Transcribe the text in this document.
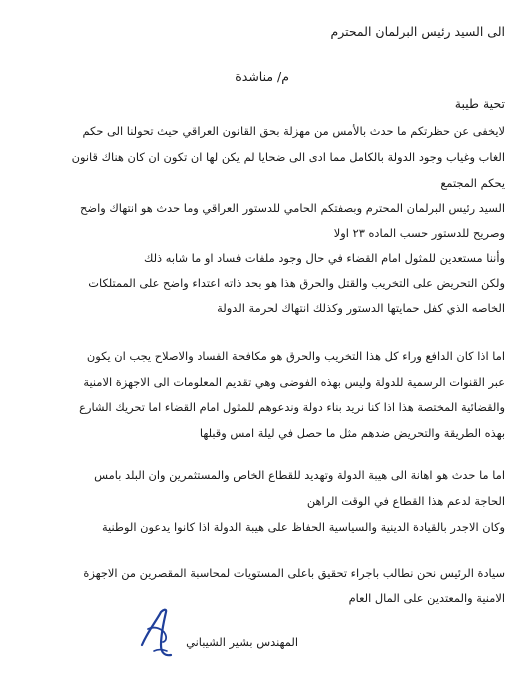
الى السيد رئيس البرلمان المحترم
م/ مناشدة
تحية طيبة
لايخفى عن حظرتكم ما حدث بالأمس من مهزلة بحق القانون العراقي حيث تحولنا الى حكم
الغاب وغياب وجود الدولة بالكامل مما ادى الى ضحايا لم يكن لها ان تكون ان كان هناك قانون
يحكم المجتمع
السيد رئيس البرلمان المحترم وبصفتكم الحامي للدستور العراقي وما حدث هو انتهاك واضح
وصريح للدستور حسب الماده ٢٣ اولا
وأننا مستعدين للمثول امام القضاء في حال وجود ملفات فساد او ما شابه ذلك
ولكن التحريض على التخريب والقتل والحرق هذا هو بحد ذاته اعتداء واضح على الممتلكات
الخاصه الذي كفل حمايتها الدستور وكذلك انتهاك لحرمة الدولة
اما اذا كان الدافع وراء كل هذا التخريب والحرق هو مكافحة الفساد والاصلاح يجب ان يكون
عبر القنوات الرسمية للدولة وليس بهذه الفوضى وهي تقديم المعلومات الى الاجهزة الامنية
والقضائية المختصة هذا اذا كنا نريد بناء دولة وندعوهم للمثول امام القضاء اما تحريك الشارع
بهذه الطريقة والتحريض ضدهم مثل ما حصل في ليلة امس وقبلها
اما ما حدث هو اهانة الى هيبة الدولة وتهديد للقطاع الخاص والمستثمرين وان البلد بامس
الحاجة لدعم هذا القطاع في الوقت الراهن
وكان الاجدر بالقيادة الدينية والسياسية الحفاظ على هيبة الدولة اذا كانوا يدعون الوطنية
سيادة الرئيس نحن نطالب باجراء تحقيق باعلى المستويات لمحاسبة المقصرين من الاجهزة
الامنية والمعتدين على المال العام
المهندس بشير الشيباني
